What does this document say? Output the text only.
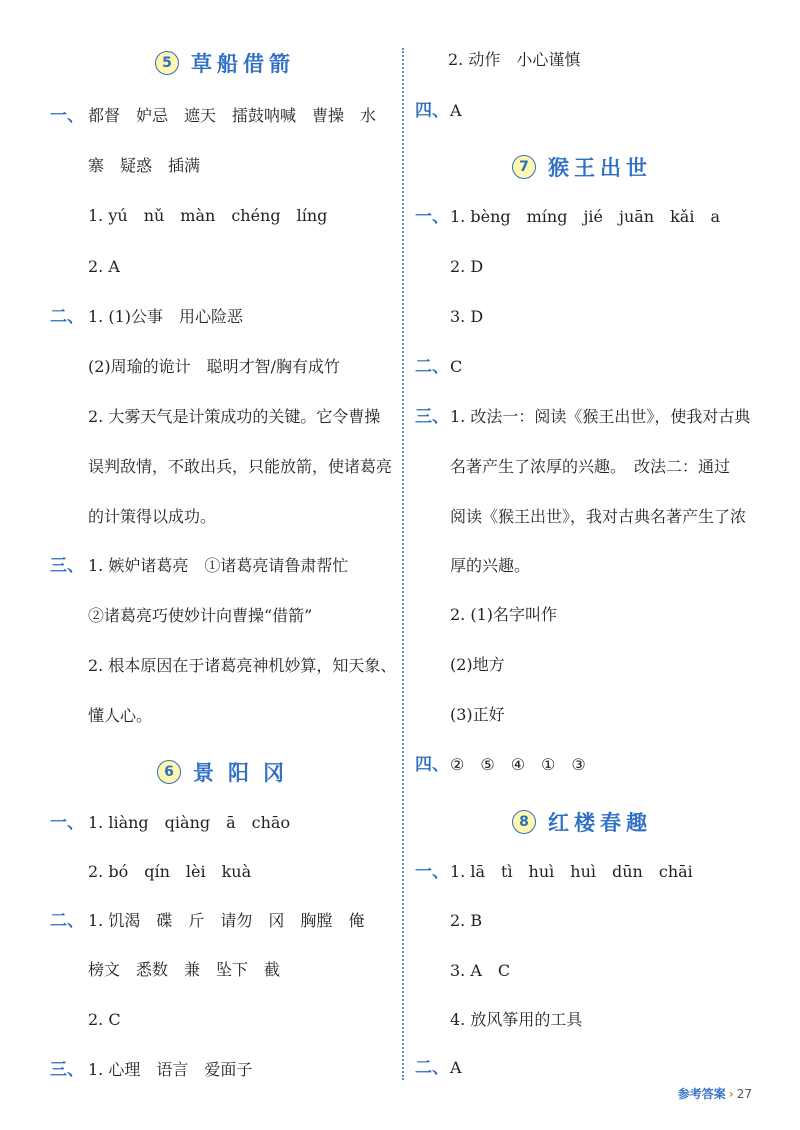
5 草船借箭
一、 都督　妒忌　遮天　擂鼓呐喊　曹操　水
寨　疑惑　插满
1. yú　nǔ　màn　chéng　líng
2. A
二、 1. (1)公事　用心险恶
(2)周瑜的诡计　聪明才智/胸有成竹
2. 大雾天气是计策成功的关键。它令曹操
误判敌情，不敢出兵，只能放箭，使诸葛亮
的计策得以成功。
三、 1. 嫉妒诸葛亮　①诸葛亮请鲁肃帮忙
②诸葛亮巧使妙计向曹操“借箭”
2. 根本原因在于诸葛亮神机妙算，知天象、
懂人心。
6 景阳冈
一、 1. liàng　qiàng　ā　chāo
2. bó　qín　lèi　kuà
二、 1. 饥渴　碟　斤　请勿　冈　胸膛　俺
榜文　悉数　兼　坠下　截
2. C
三、 1. 心理　语言　爱面子
2. 动作　小心谨慎
四、 A
7 猴王出世
一、 1. bèng　míng　jié　juān　kǎi　a
2. D
3. D
二、 C
三、 1. 改法一：阅读《猴王出世》，使我对古典
名著产生了浓厚的兴趣。　改法二：通过
阅读《猴王出世》，我对古典名著产生了浓
厚的兴趣。
2. (1)名字叫作
(2)地方
(3)正好
四、 ②　⑤　④　①　③
8 红楼春趣
一、 1. lā　tì　huì　huì　dūn　chāi
2. B
3. A　C
4. 放风筝用的工具
二、 A
参考答案 › 27
